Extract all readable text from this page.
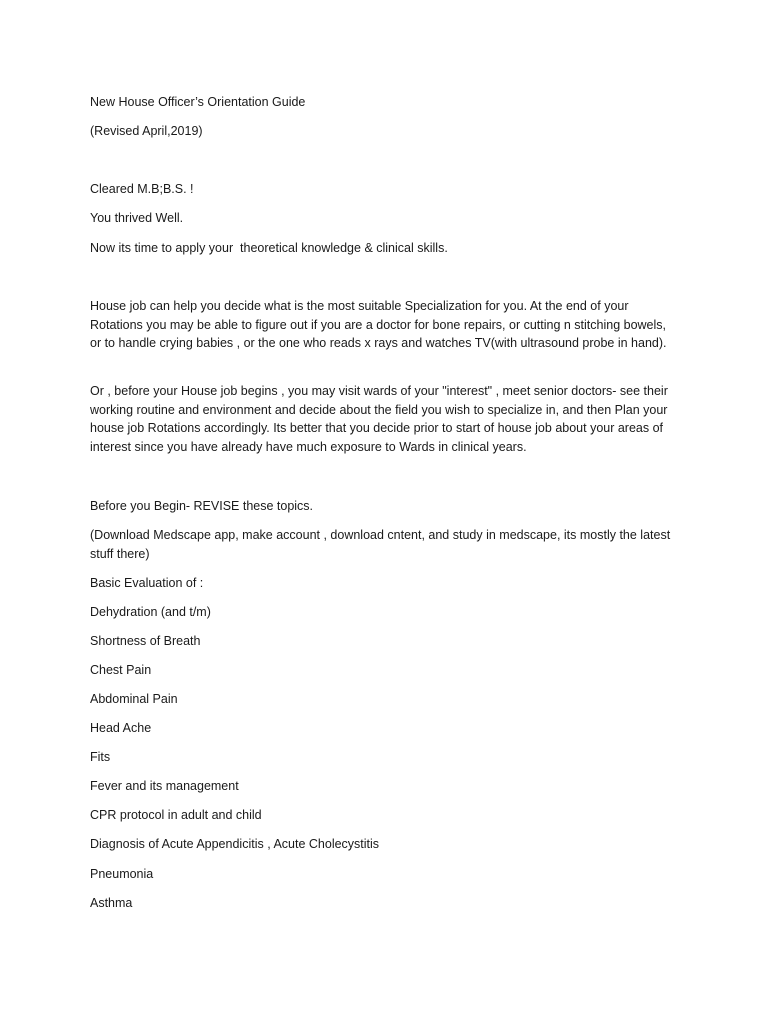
New House Officer’s Orientation Guide

(Revised April,2019)

Cleared M.B;B.S. !

You thrived Well.

Now its time to apply your  theoretical knowledge & clinical skills.

House job can help you decide what is the most suitable Specialization for you. At the end of your Rotations you may be able to figure out if you are a doctor for bone repairs, or cutting n stitching bowels, or to handle crying babies , or the one who reads x rays and watches TV(with ultrasound probe in hand).

Or , before your House job begins , you may visit wards of your "interest" , meet senior doctors- see their working routine and environment and decide about the field you wish to specialize in, and then Plan your house job Rotations accordingly. Its better that you decide prior to start of house job about your areas of interest since you have already have much exposure to Wards in clinical years.

Before you Begin- REVISE these topics.

(Download Medscape app, make account , download cntent, and study in medscape, its mostly the latest stuff there)

Basic Evaluation of :

Dehydration (and t/m)

Shortness of Breath

Chest Pain

Abdominal Pain

Head Ache

Fits

Fever and its management

CPR protocol in adult and child

Diagnosis of Acute Appendicitis , Acute Cholecystitis

Pneumonia

Asthma
